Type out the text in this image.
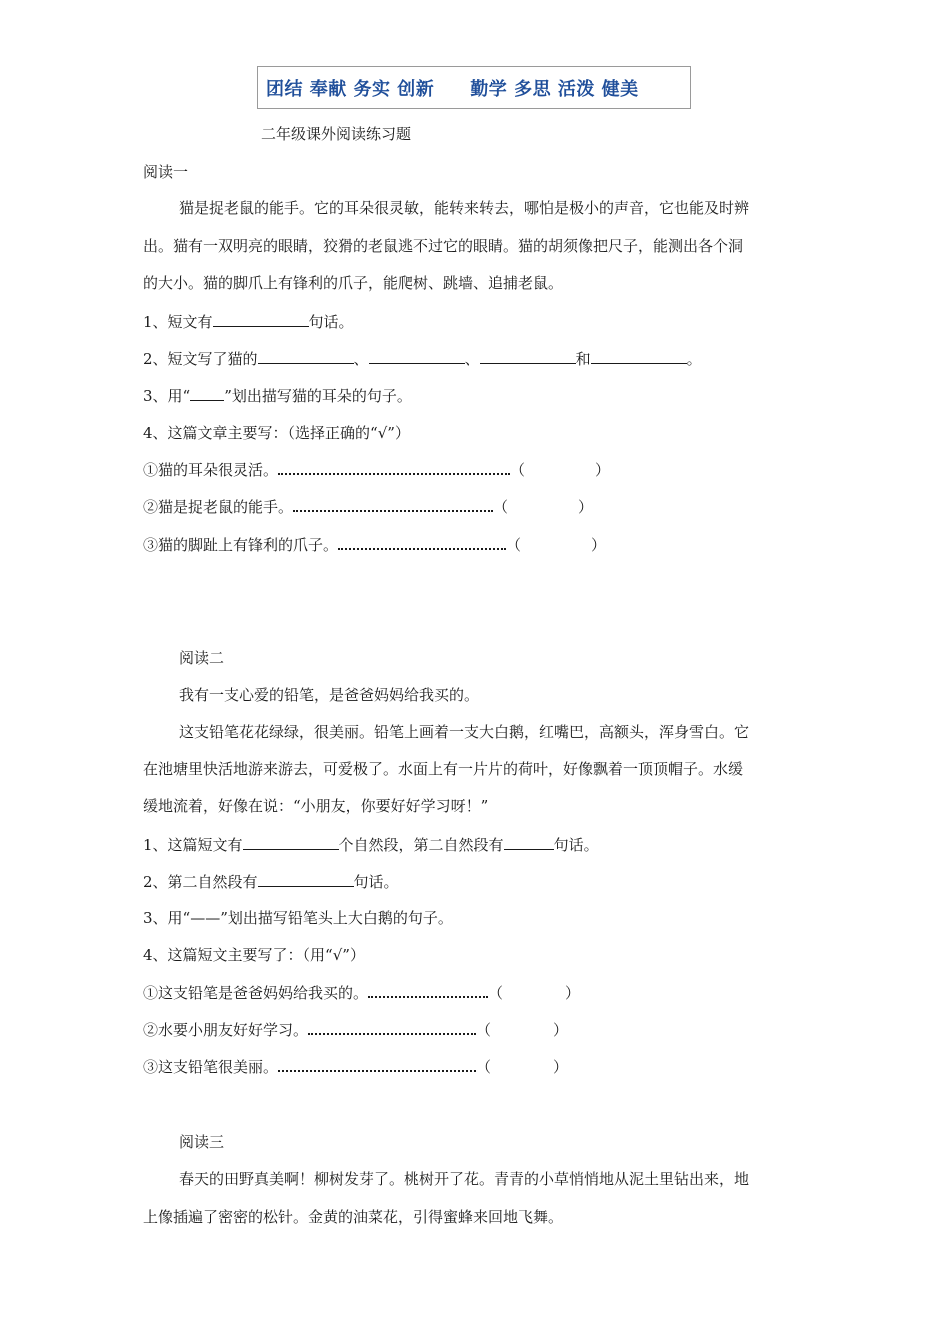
团结 奉献 务实 创新 勤学 多思 活泼 健美
二年级课外阅读练习题
阅读一
猫是捉老鼠的能手。它的耳朵很灵敏，能转来转去，哪怕是极小的声音，它也能及时辨
出。猫有一双明亮的眼睛，狡猾的老鼠逃不过它的眼睛。猫的胡须像把尺子，能测出各个洞
的大小。猫的脚爪上有锋利的爪子，能爬树、跳墙、追捕老鼠。
1、短文有	句话。
2、短文写了猫的	、	、	和	。
3、用“ ”划出描写猫的耳朵的句子。
4、这篇文章主要写：（选择正确的“√”）
①猫的耳朵很灵活。	（	）
②猫是捉老鼠的能手。	（	）
③猫的脚趾上有锋利的爪子。	（	）
阅读二
我有一支心爱的铅笔，是爸爸妈妈给我买的。
这支铅笔花花绿绿，很美丽。铅笔上画着一支大白鹅，红嘴巴，高额头，浑身雪白。它
在池塘里快活地游来游去，可爱极了。水面上有一片片的荷叶，好像飘着一顶顶帽子。水缓
缓地流着，好像在说：“小朋友，你要好好学习呀！”
1、这篇短文有	个自然段，第二自然段有	句话。
2、第二自然段有	句话。
3、用“——”划出描写铅笔头上大白鹅的句子。
4、这篇短文主要写了：（用“√”）
①这支铅笔是爸爸妈妈给我买的。	（	）
②水要小朋友好好学习。	（	）
③这支铅笔很美丽。	（	）
阅读三
春天的田野真美啊！柳树发芽了。桃树开了花。青青的小草悄悄地从泥土里钻出来，地
上像插遍了密密的松针。金黄的油菜花，引得蜜蜂来回地飞舞。
